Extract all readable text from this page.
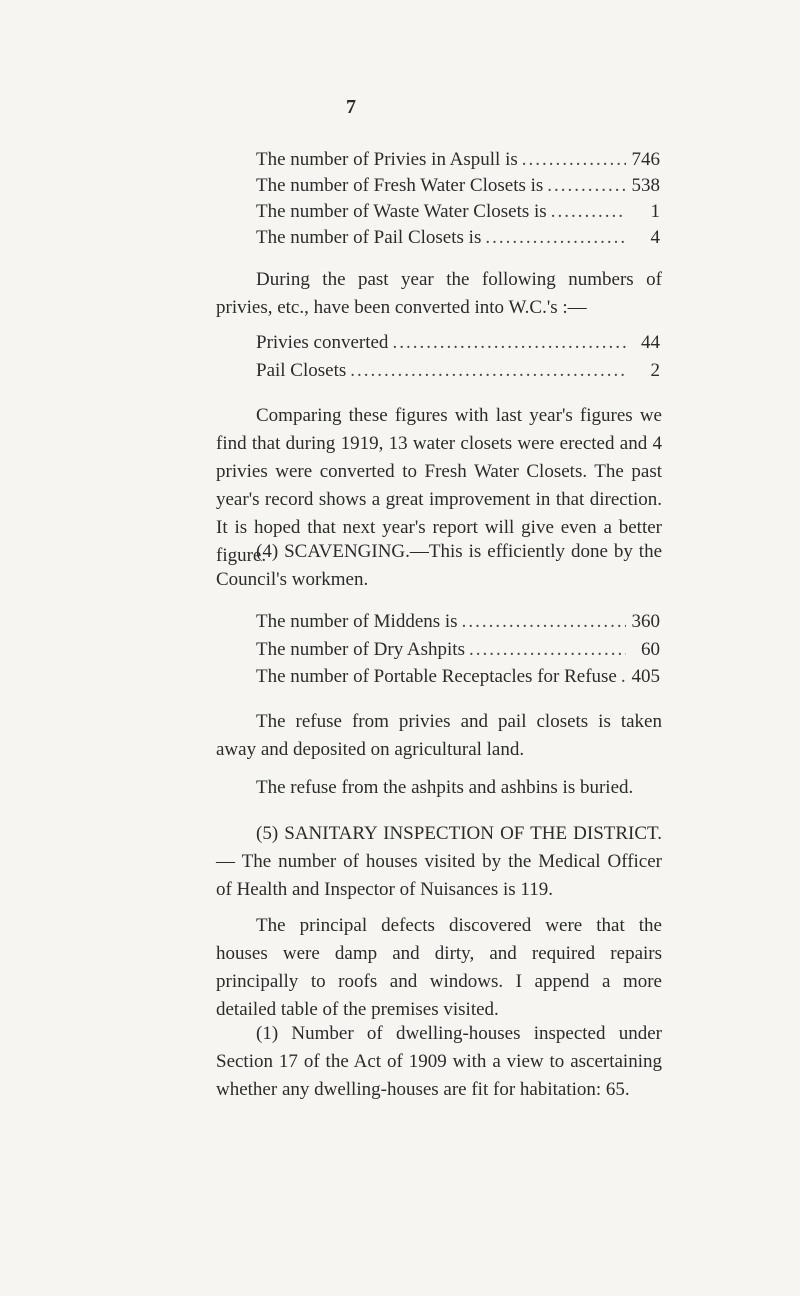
7
The number of Privies in Aspull is .....	746
The number of Fresh Water Closets is .....	538
The number of Waste Water Closets is .....	1
The number of Pail Closets is .....	4
During the past year the following numbers of privies, etc., have been converted into W.C.'s :—
Privies converted .....	44
Pail Closets .....	2
Comparing these figures with last year's figures we find that during 1919, 13 water closets were erected and 4 privies were converted to Fresh Water Closets. The past year's record shows a great improvement in that direction. It is hoped that next year's report will give even a better figure.
(4) SCAVENGING.—This is efficiently done by the Council's workmen.
The number of Middens is .....	360
The number of Dry Ashpits .....	60
The number of Portable Receptacles for Refuse ..... 405
The refuse from privies and pail closets is taken away and deposited on agricultural land.
The refuse from the ashpits and ashbins is buried.
(5) SANITARY INSPECTION OF THE DISTRICT.— The number of houses visited by the Medical Officer of Health and Inspector of Nuisances is 119.
The principal defects discovered were that the houses were damp and dirty, and required repairs principally to roofs and windows. I append a more detailed table of the premises visited.
(1) Number of dwelling-houses inspected under Section 17 of the Act of 1909 with a view to ascertaining whether any dwelling-houses are fit for habitation: 65.
